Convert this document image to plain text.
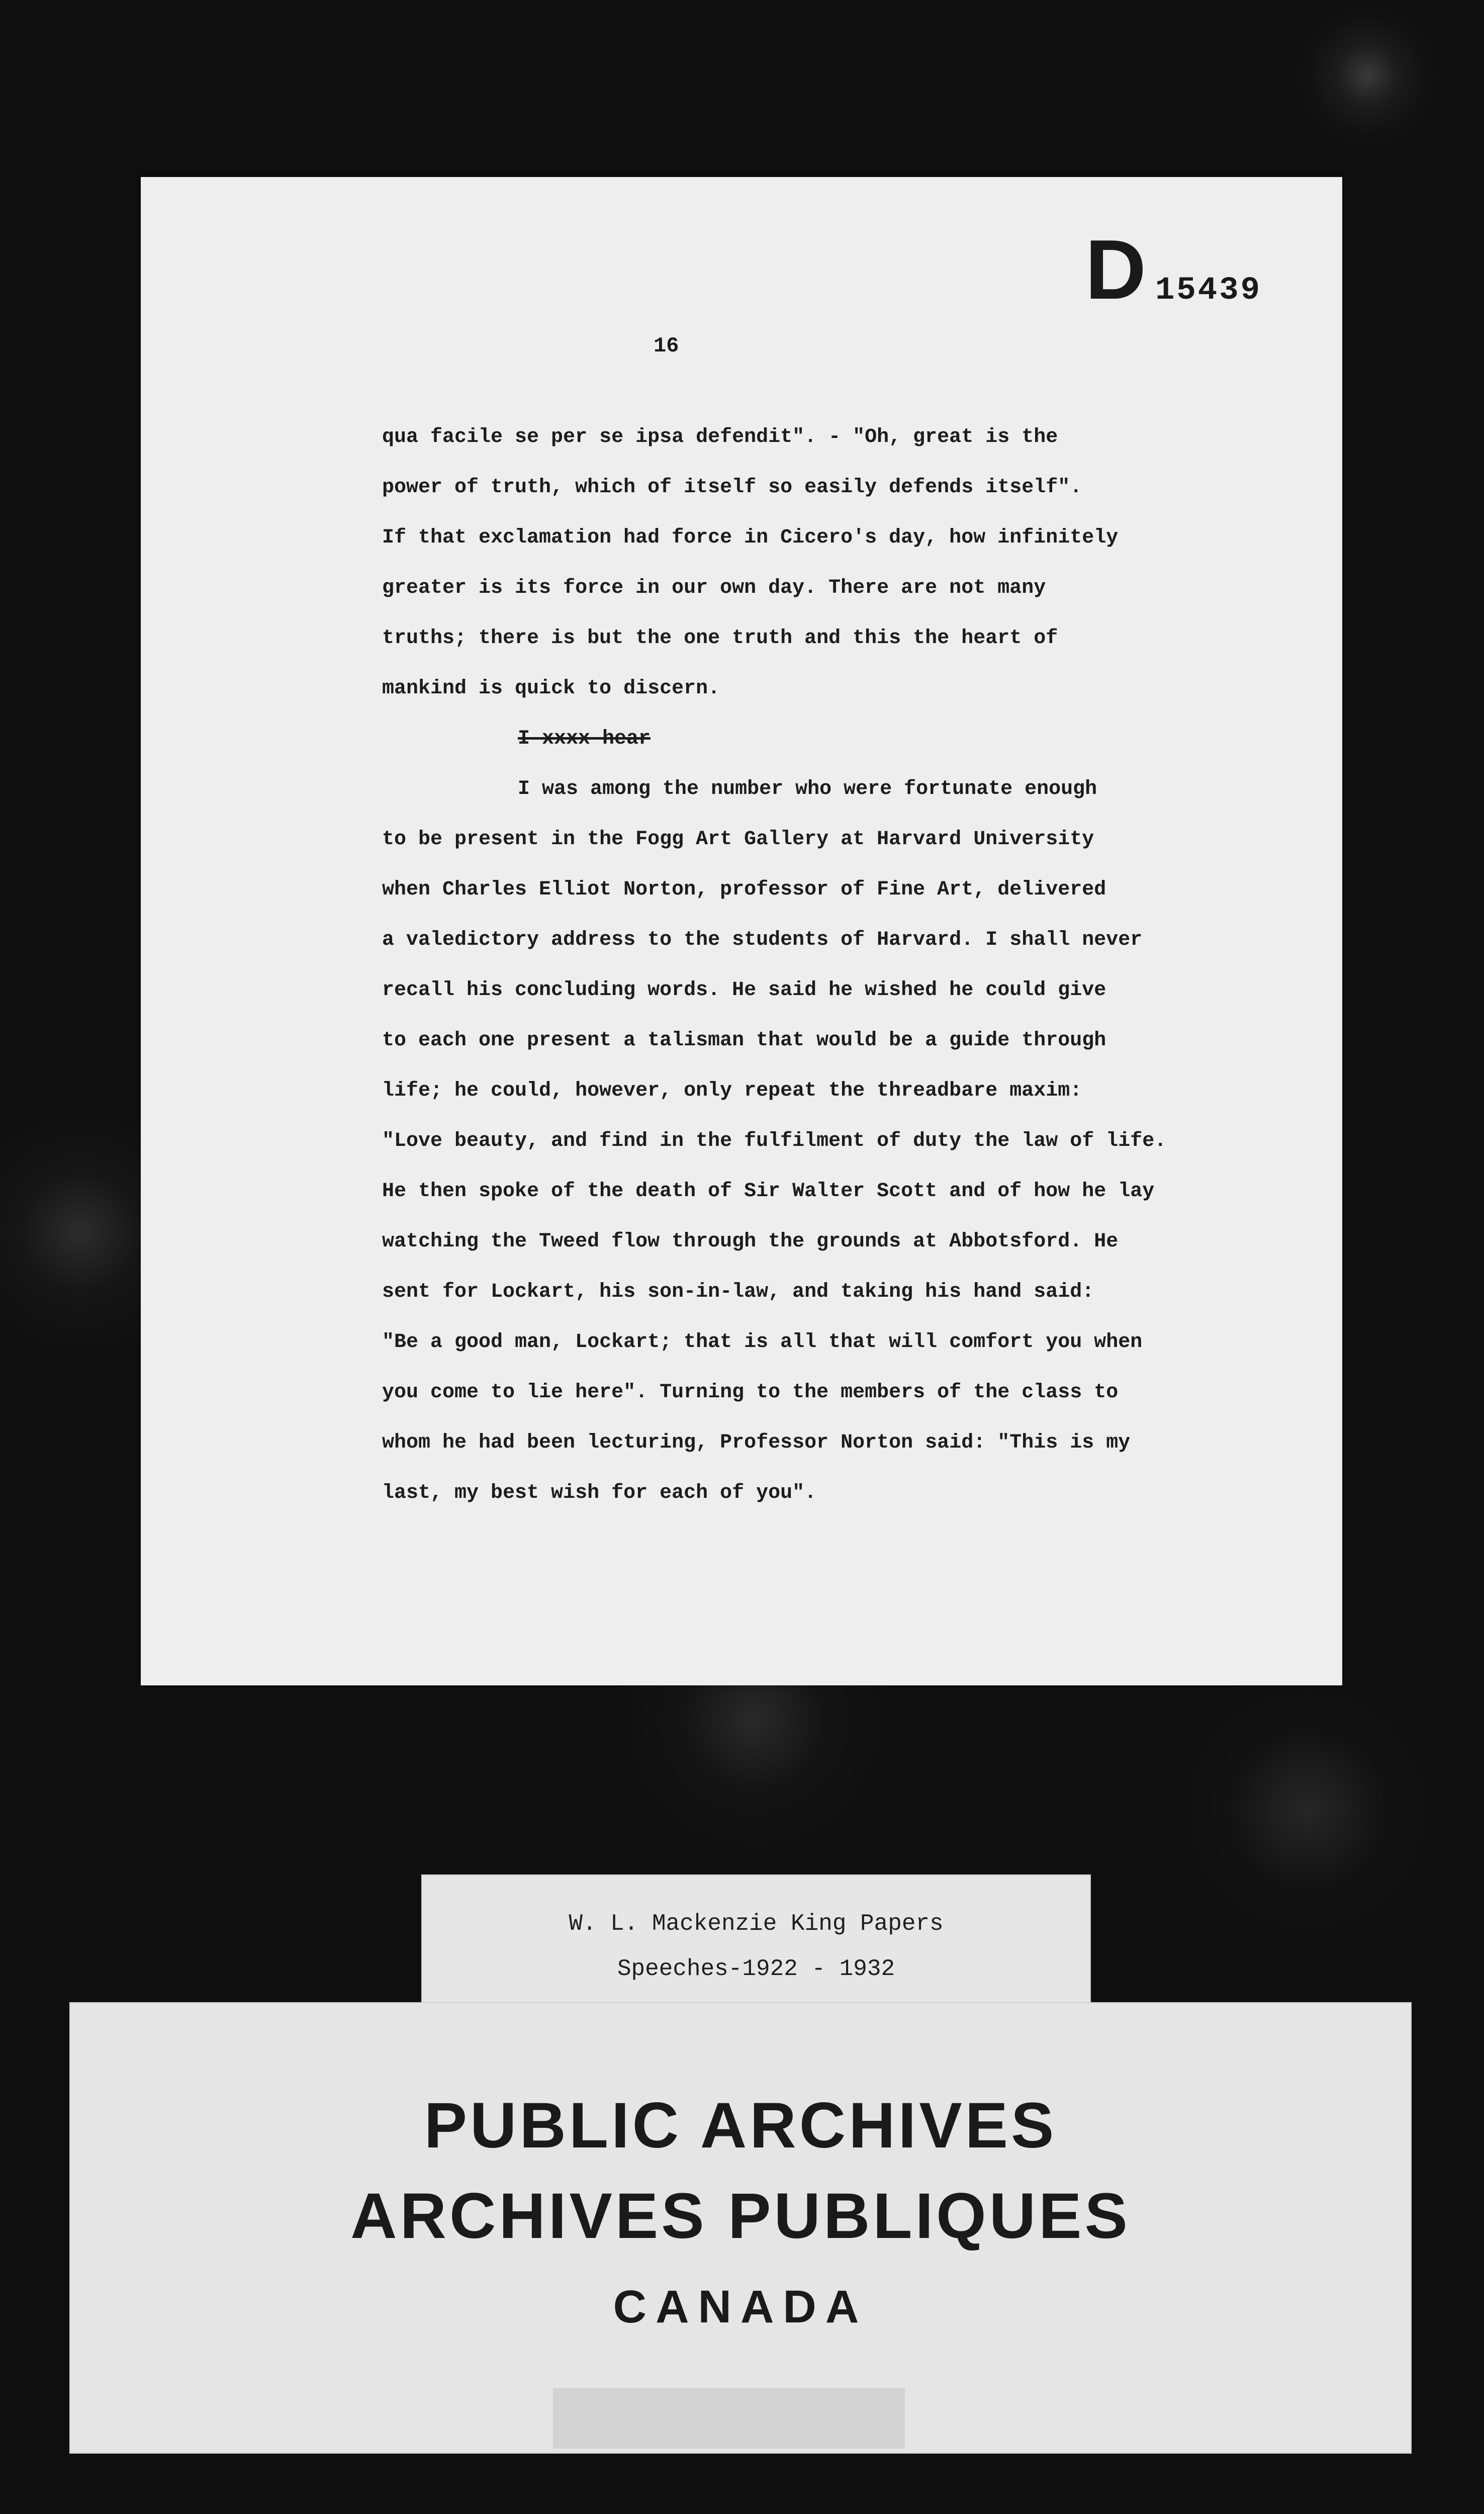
D 15439
16
qua facile se per se ipsa defendit". - "Oh, great is the
power of truth, which of itself so easily defends itself".
If that exclamation had force in Cicero's day, how infinitely
greater is its force in our own day. There are not many
truths; there is but the one truth and this the heart of
mankind is quick to discern.
I xxxx hear
I was among the number who were fortunate enough
to be present in the Fogg Art Gallery at Harvard University
when Charles Elliot Norton, professor of Fine Art, delivered
a valedictory address to the students of Harvard. I shall never
recall his concluding words. He said he wished he could give
to each one present a talisman that would be a guide through
life; he could, however, only repeat the threadbare maxim:
"Love beauty, and find in the fulfilment of duty the law of life.
He then spoke of the death of Sir Walter Scott and of how he lay
watching the Tweed flow through the grounds at Abbotsford. He
sent for Lockart, his son-in-law, and taking his hand said:
"Be a good man, Lockart; that is all that will comfort you when
you come to lie here". Turning to the members of the class to
whom he had been lecturing, Professor Norton said: "This is my
last, my best wish for each of you".
W. L. Mackenzie King Papers
Speeches-1922 - 1932
PUBLIC ARCHIVES
ARCHIVES PUBLIQUES
CANADA
